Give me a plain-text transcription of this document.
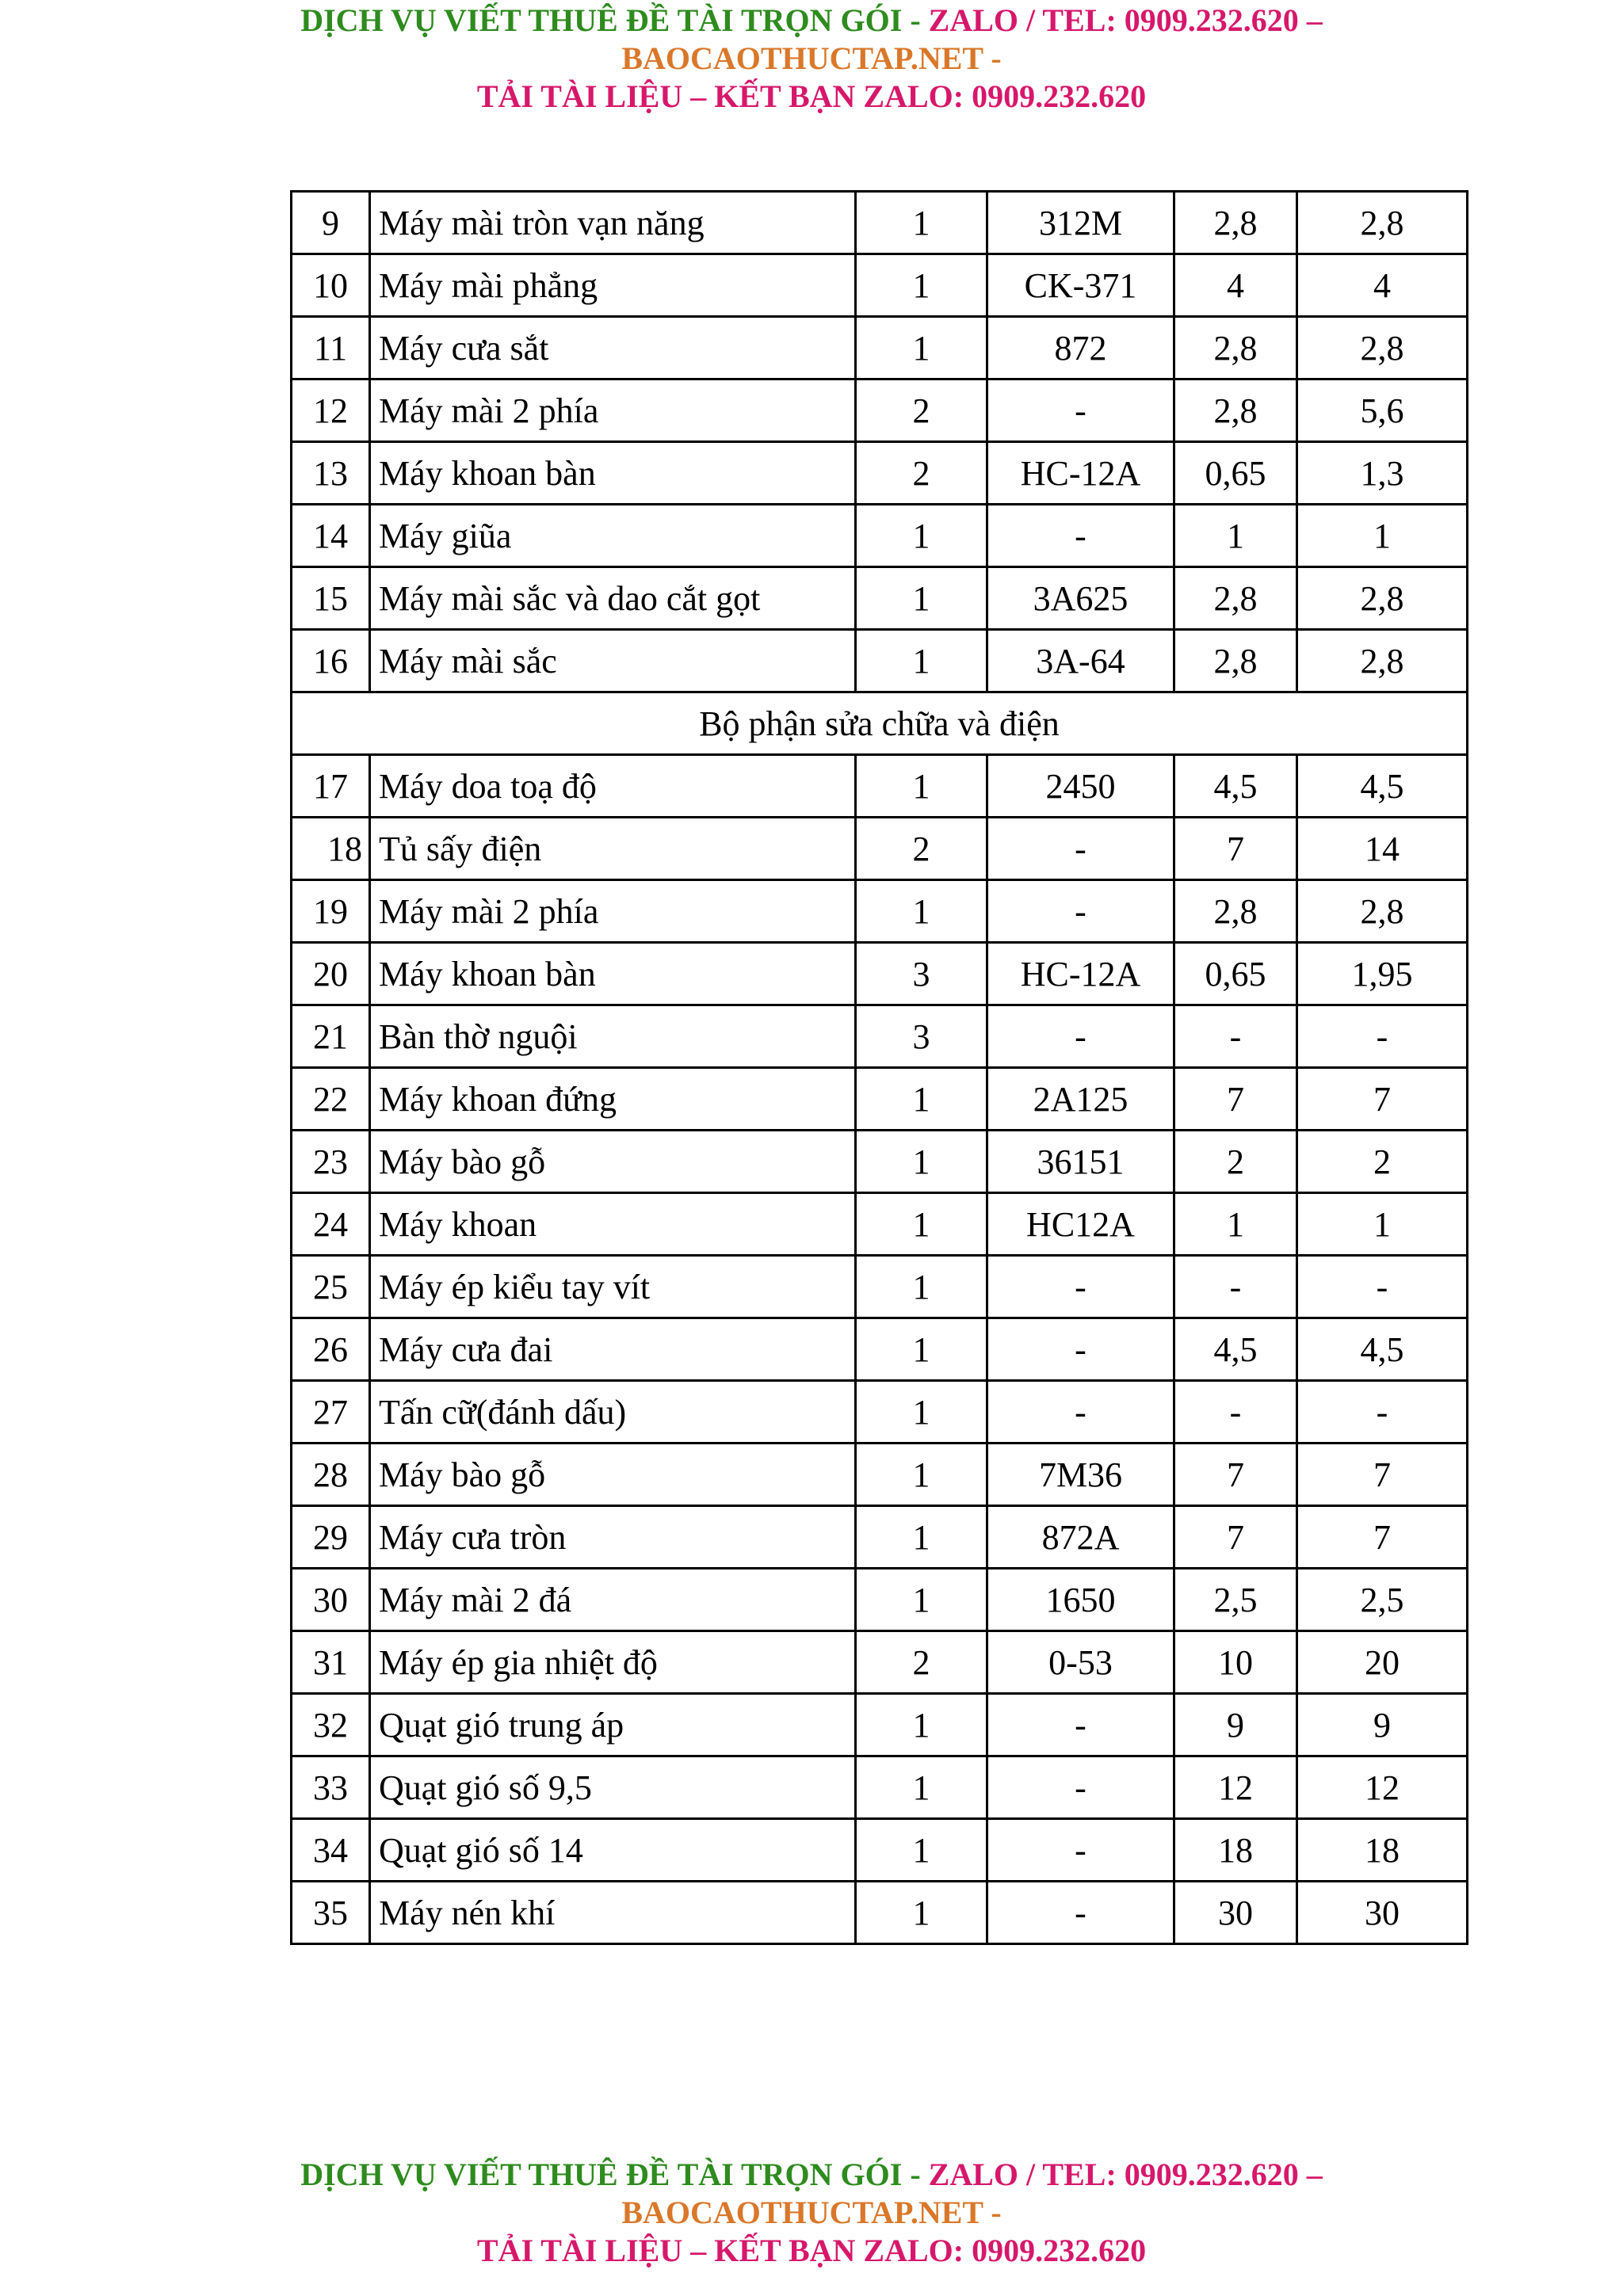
DỊCH VỤ VIẾT THUÊ ĐỀ TÀI TRỌN GÓI - ZALO / TEL: 0909.232.620 –
BAOCAOTHUCTAP.NET -
TẢI TÀI LIỆU – KẾT BẠN ZALO: 0909.232.620
9	Máy mài tròn vạn năng	1	312M	2,8	2,8
10	Máy mài phẳng	1	CK-371	4	4
11	Máy cưa sắt	1	872	2,8	2,8
12	Máy mài 2 phía	2	-	2,8	5,6
13	Máy khoan bàn	2	HC-12A	0,65	1,3
14	Máy giũa	1	-	1	1
15	Máy mài sắc và dao cắt gọt	1	3A625	2,8	2,8
16	Máy mài sắc	1	3A-64	2,8	2,8
Bộ phận sửa chữa và điện					
17	Máy doa toạ độ	1	2450	4,5	4,5
18	Tủ sấy điện	2	-	7	14
19	Máy mài 2 phía	1	-	2,8	2,8
20	Máy khoan bàn	3	HC-12A	0,65	1,95
21	Bàn thờ nguội	3	-	-	-
22	Máy khoan đứng	1	2A125	7	7
23	Máy bào gỗ	1	36151	2	2
24	Máy khoan	1	HC12A	1	1
25	Máy ép kiểu tay vít	1	-	-	-
26	Máy cưa đai	1	-	4,5	4,5
27	Tấn cữ(đánh dấu)	1	-	-	-
28	Máy bào gỗ	1	7M36	7	7
29	Máy cưa tròn	1	872A	7	7
30	Máy mài 2 đá	1	1650	2,5	2,5
31	Máy ép gia nhiệt độ	2	0-53	10	20
32	Quạt gió trung áp	1	-	9	9
33	Quạt gió số 9,5	1	-	12	12
34	Quạt gió số 14	1	-	18	18
35	Máy nén khí	1	-	30	30
DỊCH VỤ VIẾT THUÊ ĐỀ TÀI TRỌN GÓI - ZALO / TEL: 0909.232.620 –
BAOCAOTHUCTAP.NET -
TẢI TÀI LIỆU – KẾT BẠN ZALO: 0909.232.620
